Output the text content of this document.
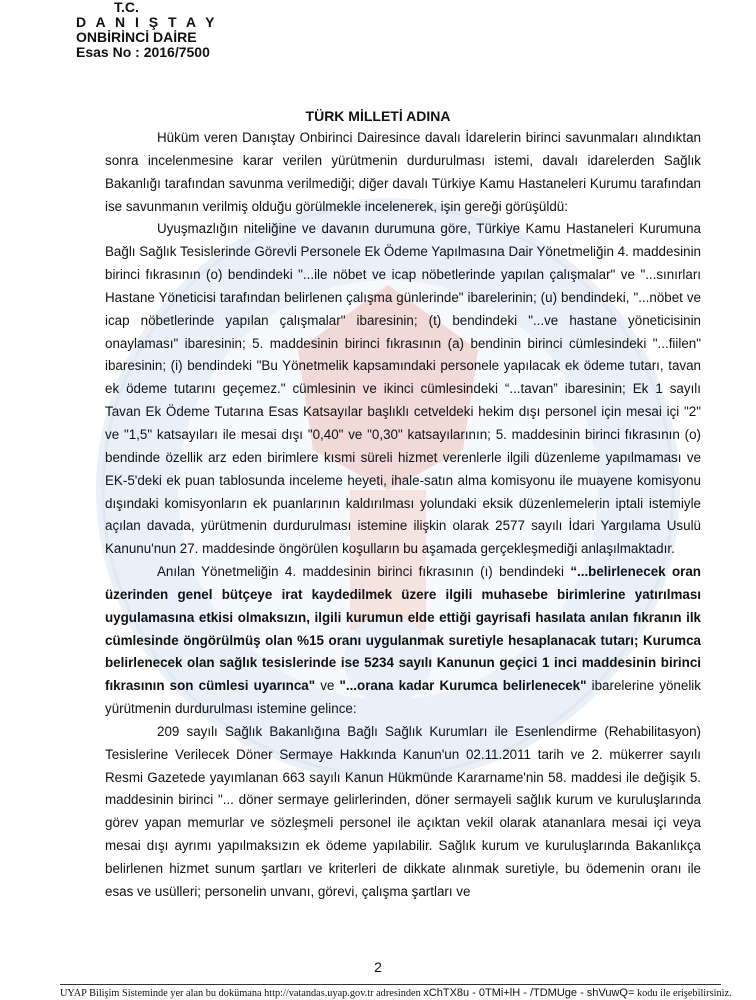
T.C.
D A N I Ş T A Y
ONBİRİNCİ DAİRE
Esas No : 2016/7500
TÜRK MİLLETİ ADINA

Hüküm veren Danıştay Onbirinci Dairesince davalı İdarelerin birinci savunmaları alındıktan sonra incelenmesine karar verilen yürütmenin durdurulması istemi, davalı idarelerden Sağlık Bakanlığı tarafından savunma verilmediği; diğer davalı Türkiye Kamu Hastaneleri Kurumu tarafından ise savunmanın verilmiş olduğu görülmekle incelenerek, işin gereği görüşüldü:

Uyuşmazlığın niteliğine ve davanın durumuna göre, Türkiye Kamu Hastaneleri Kurumuna Bağlı Sağlık Tesislerinde Görevli Personele Ek Ödeme Yapılmasına Dair Yönetmeliğin 4. maddesinin birinci fıkrasının (o) bendindeki "...ile nöbet ve icap nöbetlerinde yapılan çalışmalar" ve "...sınırları Hastane Yöneticisi tarafından belirlenen çalışma günlerinde" ibarelerinin; (u) bendindeki, "...nöbet ve icap nöbetlerinde yapılan çalışmalar" ibaresinin; (t) bendindeki "...ve hastane yöneticisinin onaylaması" ibaresinin; 5. maddesinin birinci fıkrasının (a) bendinin birinci cümlesindeki "...fiilen" ibaresinin; (i) bendindeki "Bu Yönetmelik kapsamındaki personele yapılacak ek ödeme tutarı, tavan ek ödeme tutarını geçemez." cümlesinin ve ikinci cümlesindeki “...tavan” ibaresinin; Ek 1 sayılı Tavan Ek Ödeme Tutarına Esas Katsayılar başlıklı cetveldeki hekim dışı personel için mesai içi "2" ve "1,5" katsayıları ile mesai dışı "0,40" ve "0,30" katsayılarının; 5. maddesinin birinci fıkrasının (o) bendinde özellik arz eden birimlere kısmi süreli hizmet verenlerle ilgili düzenleme yapılmaması ve EK-5'deki ek puan tablosunda inceleme heyeti, ihale-satın alma komisyonu ile muayene komisyonu dışındaki komisyonların ek puanlarının kaldırılması yolundaki eksik düzenlemelerin iptali istemiyle açılan davada, yürütmenin durdurulması istemine ilişkin olarak 2577 sayılı İdari Yargılama Usulü Kanunu'nun 27. maddesinde öngörülen koşulların bu aşamada gerçekleşmediği anlaşılmaktadır.

Anılan Yönetmeliğin 4. maddesinin birinci fıkrasının (ı) bendindeki “...belirlenecek oran üzerinden genel bütçeye irat kaydedilmek üzere ilgili muhasebe birimlerine yatırılması uygulamasına etkisi olmaksızın, ilgili kurumun elde ettiği gayrisafi hasılata anılan fıkranın ilk cümlesinde öngörülmüş olan %15 oranı uygulanmak suretiyle hesaplanacak tutarı; Kurumca belirlenecek olan sağlık tesislerinde ise 5234 sayılı Kanunun geçici 1 inci maddesinin birinci fıkrasının son cümlesi uyarınca" ve "...orana kadar Kurumca belirlenecek" ibarelerine yönelik yürütmenin durdurulması istemine gelince:

209 sayılı Sağlık Bakanlığına Bağlı Sağlık Kurumları ile Esenlendirme (Rehabilitasyon) Tesislerine Verilecek Döner Sermaye Hakkında Kanun'un 02.11.2011 tarih ve 2. mükerrer sayılı Resmi Gazetede yayımlanan 663 sayılı Kanun Hükmünde Kararname'nin 58. maddesi ile değişik 5. maddesinin birinci "... döner sermaye gelirlerinden, döner sermayeli sağlık kurum ve kuruluşlarında görev yapan memurlar ve sözleşmeli personel ile açıktan vekil olarak atananlara mesai içi veya mesai dışı ayrımı yapılmaksızın ek ödeme yapılabilir. Sağlık kurum ve kuruluşlarında Bakanlıkça belirlenen hizmet sunum şartları ve kriterleri de dikkate alınmak suretiyle, bu ödemenin oranı ile esas ve usülleri; personelin unvanı, görevi, çalışma şartları ve

2
UYAP Bilişim Sisteminde yer alan bu dokümana http://vatandas.uyap.gov.tr adresinden xChTX8u - 0TMi+lH - /TDMUge - shVuwQ= kodu ile erişebilirsiniz.
